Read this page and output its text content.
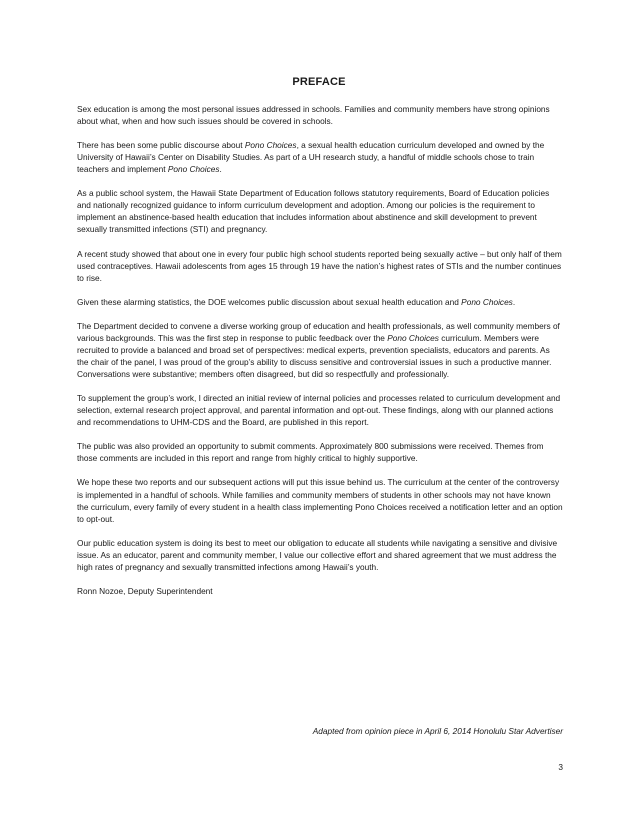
PREFACE

Sex education is among the most personal issues addressed in schools. Families and community members have strong opinions about what, when and how such issues should be covered in schools.

There has been some public discourse about Pono Choices, a sexual health education curriculum developed and owned by the University of Hawaii’s Center on Disability Studies. As part of a UH research study, a handful of middle schools chose to train teachers and implement Pono Choices.

As a public school system, the Hawaii State Department of Education follows statutory requirements, Board of Education policies and nationally recognized guidance to inform curriculum development and adoption. Among our policies is the requirement to implement an abstinence-based health education that includes information about abstinence and skill development to prevent sexually transmitted infections (STI) and pregnancy.

A recent study showed that about one in every four public high school students reported being sexually active – but only half of them used contraceptives. Hawaii adolescents from ages 15 through 19 have the nation’s highest rates of STIs and the number continues to rise.

Given these alarming statistics, the DOE welcomes public discussion about sexual health education and Pono Choices.

The Department decided to convene a diverse working group of education and health professionals, as well community members of various backgrounds. This was the first step in response to public feedback over the Pono Choices curriculum. Members were recruited to provide a balanced and broad set of perspectives: medical experts, prevention specialists, educators and parents. As the chair of the panel, I was proud of the group’s ability to discuss sensitive and controversial issues in such a productive manner. Conversations were substantive; members often disagreed, but did so respectfully and professionally.

To supplement the group’s work, I directed an initial review of internal policies and processes related to curriculum development and selection, external research project approval, and parental information and opt-out. These findings, along with our planned actions and recommendations to UHM-CDS and the Board, are published in this report.

The public was also provided an opportunity to submit comments. Approximately 800 submissions were received. Themes from those comments are included in this report and range from highly critical to highly supportive.

We hope these two reports and our subsequent actions will put this issue behind us. The curriculum at the center of the controversy is implemented in a handful of schools. While families and community members of students in other schools may not have known the curriculum, every family of every student in a health class implementing Pono Choices received a notification letter and an option to opt-out.

Our public education system is doing its best to meet our obligation to educate all students while navigating a sensitive and divisive issue. As an educator, parent and community member, I value our collective effort and shared agreement that we must address the high rates of pregnancy and sexually transmitted infections among Hawaii’s youth.

Ronn Nozoe, Deputy Superintendent

Adapted from opinion piece in April 6, 2014 Honolulu Star Advertiser
3
